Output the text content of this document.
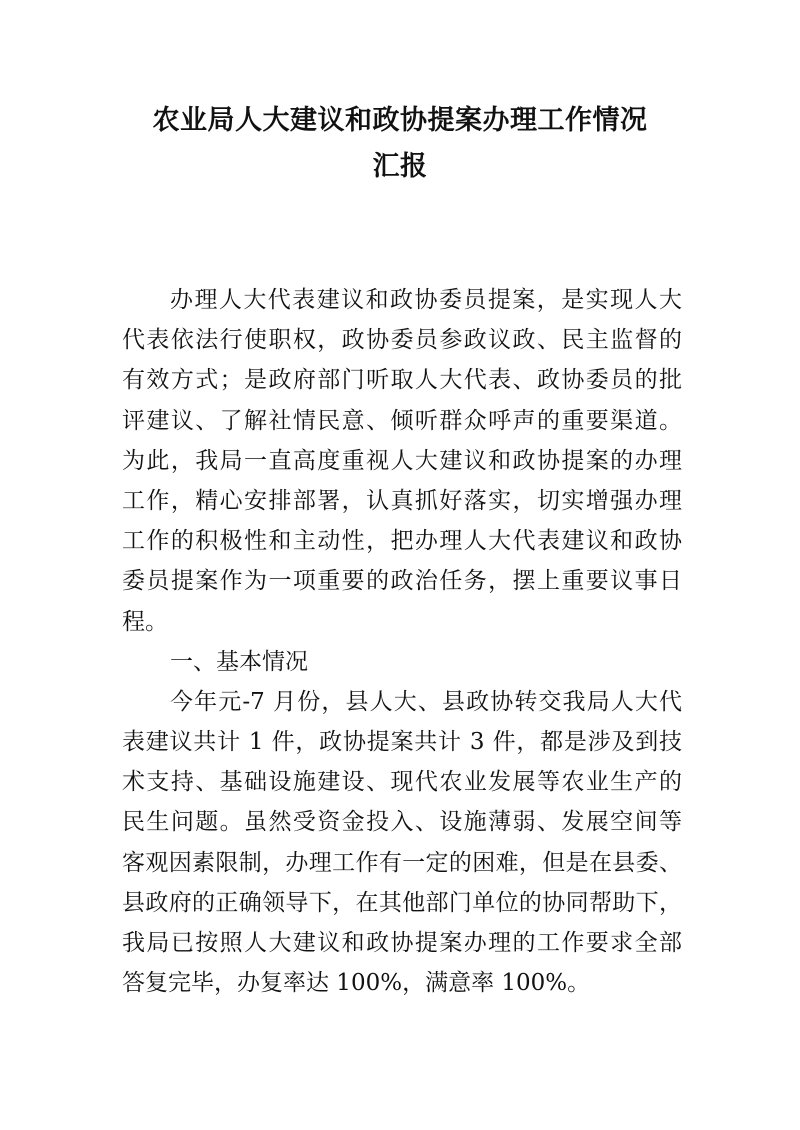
农业局人大建议和政协提案办理工作情况
汇报
办理人大代表建议和政协委员提案，是实现人大
代表依法行使职权，政协委员参政议政、民主监督的
有效方式；是政府部门听取人大代表、政协委员的批
评建议、了解社情民意、倾听群众呼声的重要渠道。
为此，我局一直高度重视人大建议和政协提案的办理
工作，精心安排部署，认真抓好落实，切实增强办理
工作的积极性和主动性，把办理人大代表建议和政协
委员提案作为一项重要的政治任务，摆上重要议事日
程。
一、基本情况
今年元-7 月份，县人大、县政协转交我局人大代
表建议共计 1 件，政协提案共计 3 件，都是涉及到技
术支持、基础设施建设、现代农业发展等农业生产的
民生问题。虽然受资金投入、设施薄弱、发展空间等
客观因素限制，办理工作有一定的困难，但是在县委、
县政府的正确领导下，在其他部门单位的协同帮助下，
我局已按照人大建议和政协提案办理的工作要求全部
答复完毕，办复率达 100%，满意率 100%。
